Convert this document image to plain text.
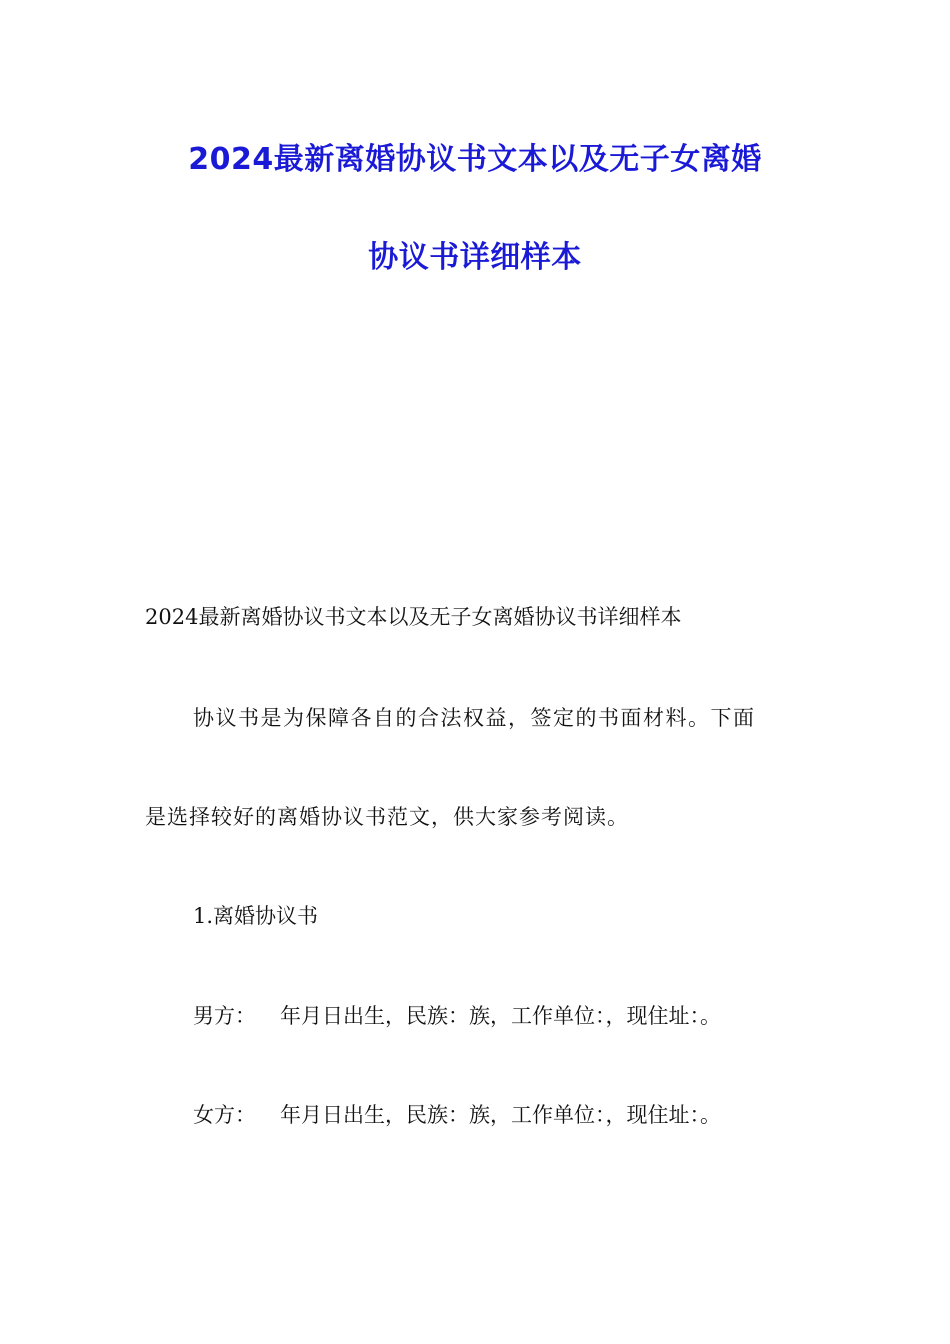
2024最新离婚协议书文本以及无子女离婚
协议书详细样本
2024最新离婚协议书文本以及无子女离婚协议书详细样本
协议书是为保障各自的合法权益，签定的书面材料。下面
是选择较好的离婚协议书范文，供大家参考阅读。
1.离婚协议书
男方： 年月日出生，民族：族，工作单位：，现住址：。
女方： 年月日出生，民族：族，工作单位：，现住址：。
